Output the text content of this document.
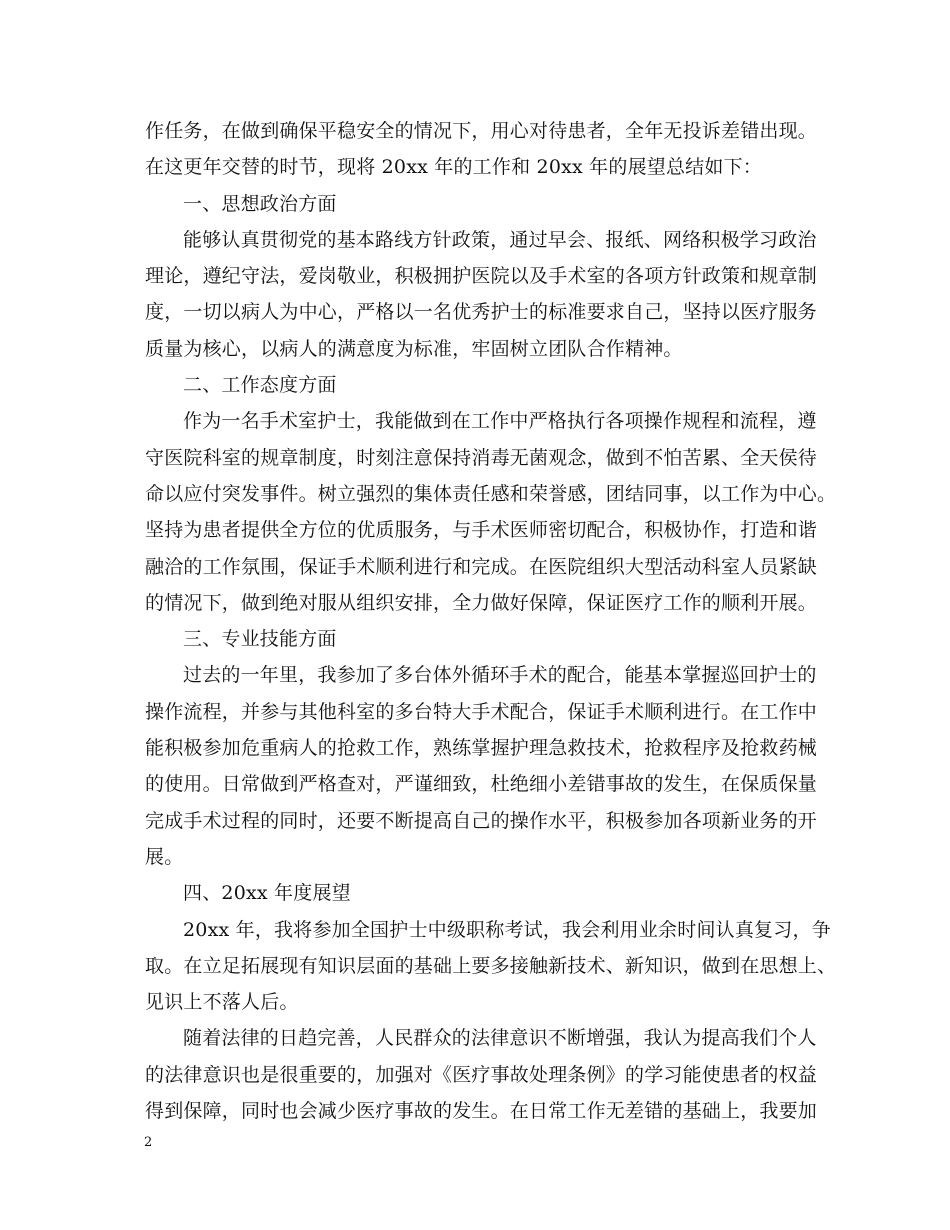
作任务，在做到确保平稳安全的情况下，用心对待患者，全年无投诉差错出现。
在这更年交替的时节，现将 20xx 年的工作和 20xx 年的展望总结如下：
一、思想政治方面
能够认真贯彻党的基本路线方针政策，通过早会、报纸、网络积极学习政治
理论，遵纪守法，爱岗敬业，积极拥护医院以及手术室的各项方针政策和规章制
度，一切以病人为中心，严格以一名优秀护士的标准要求自己，坚持以医疗服务
质量为核心，以病人的满意度为标准，牢固树立团队合作精神。
二、工作态度方面
作为一名手术室护士，我能做到在工作中严格执行各项操作规程和流程，遵
守医院科室的规章制度，时刻注意保持消毒无菌观念，做到不怕苦累、全天侯待
命以应付突发事件。树立强烈的集体责任感和荣誉感，团结同事，以工作为中心。
坚持为患者提供全方位的优质服务，与手术医师密切配合，积极协作，打造和谐
融洽的工作氛围，保证手术顺利进行和完成。在医院组织大型活动科室人员紧缺
的情况下，做到绝对服从组织安排，全力做好保障，保证医疗工作的顺利开展。
三、专业技能方面
过去的一年里，我参加了多台体外循环手术的配合，能基本掌握巡回护士的
操作流程，并参与其他科室的多台特大手术配合，保证手术顺利进行。在工作中
能积极参加危重病人的抢救工作，熟练掌握护理急救技术，抢救程序及抢救药械
的使用。日常做到严格查对，严谨细致，杜绝细小差错事故的发生，在保质保量
完成手术过程的同时，还要不断提高自己的操作水平，积极参加各项新业务的开
展。
四、20xx 年度展望
20xx 年，我将参加全国护士中级职称考试，我会利用业余时间认真复习，争
取。在立足拓展现有知识层面的基础上要多接触新技术、新知识，做到在思想上、
见识上不落人后。
随着法律的日趋完善，人民群众的法律意识不断增强，我认为提高我们个人
的法律意识也是很重要的，加强对《医疗事故处理条例》的学习能使患者的权益
得到保障，同时也会减少医疗事故的发生。在日常工作无差错的基础上，我要加
2
